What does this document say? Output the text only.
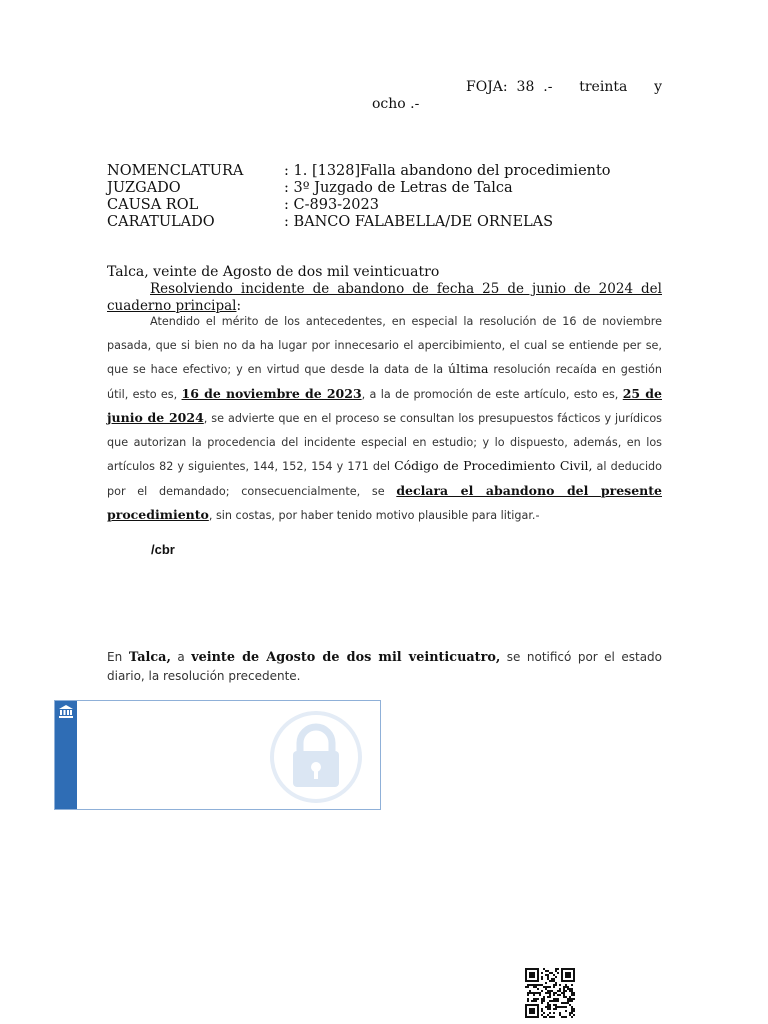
FOJA: 38 .- treinta y
ocho .-
NOMENCLATURA	: 1. [1328]Falla abandono del procedimiento
JUZGADO	: 3º Juzgado de Letras de Talca
CAUSA ROL	: C-893-2023
CARATULADO	: BANCO FALABELLA/DE ORNELAS
Talca, veinte de Agosto de dos mil veinticuatro
Resolviendo incidente de abandono de fecha 25 de junio de 2024 del cuaderno principal:
Atendido el mérito de los antecedentes, en especial la resolución de 16 de noviembre pasada, que si bien no da ha lugar por innecesario el apercibimiento, el cual se entiende per se, que se hace efectivo; y en virtud que desde la data de la última resolución recaída en gestión útil, esto es, 16 de noviembre de 2023, a la de promoción de este artículo, esto es, 25 de junio de 2024, se advierte que en el proceso se consultan los presupuestos fácticos y jurídicos que autorizan la procedencia del incidente especial en estudio; y lo dispuesto, además, en los artículos 82 y siguientes, 144, 152, 154 y 171 del Código de Procedimiento Civil, al deducido por el demandado; consecuencialmente, se declara el abandono del presente procedimiento, sin costas, por haber tenido motivo plausible para litigar.-
/cbr
En Talca, a veinte de Agosto de dos mil veinticuatro, se notificó por el estado diario, la resolución precedente.
